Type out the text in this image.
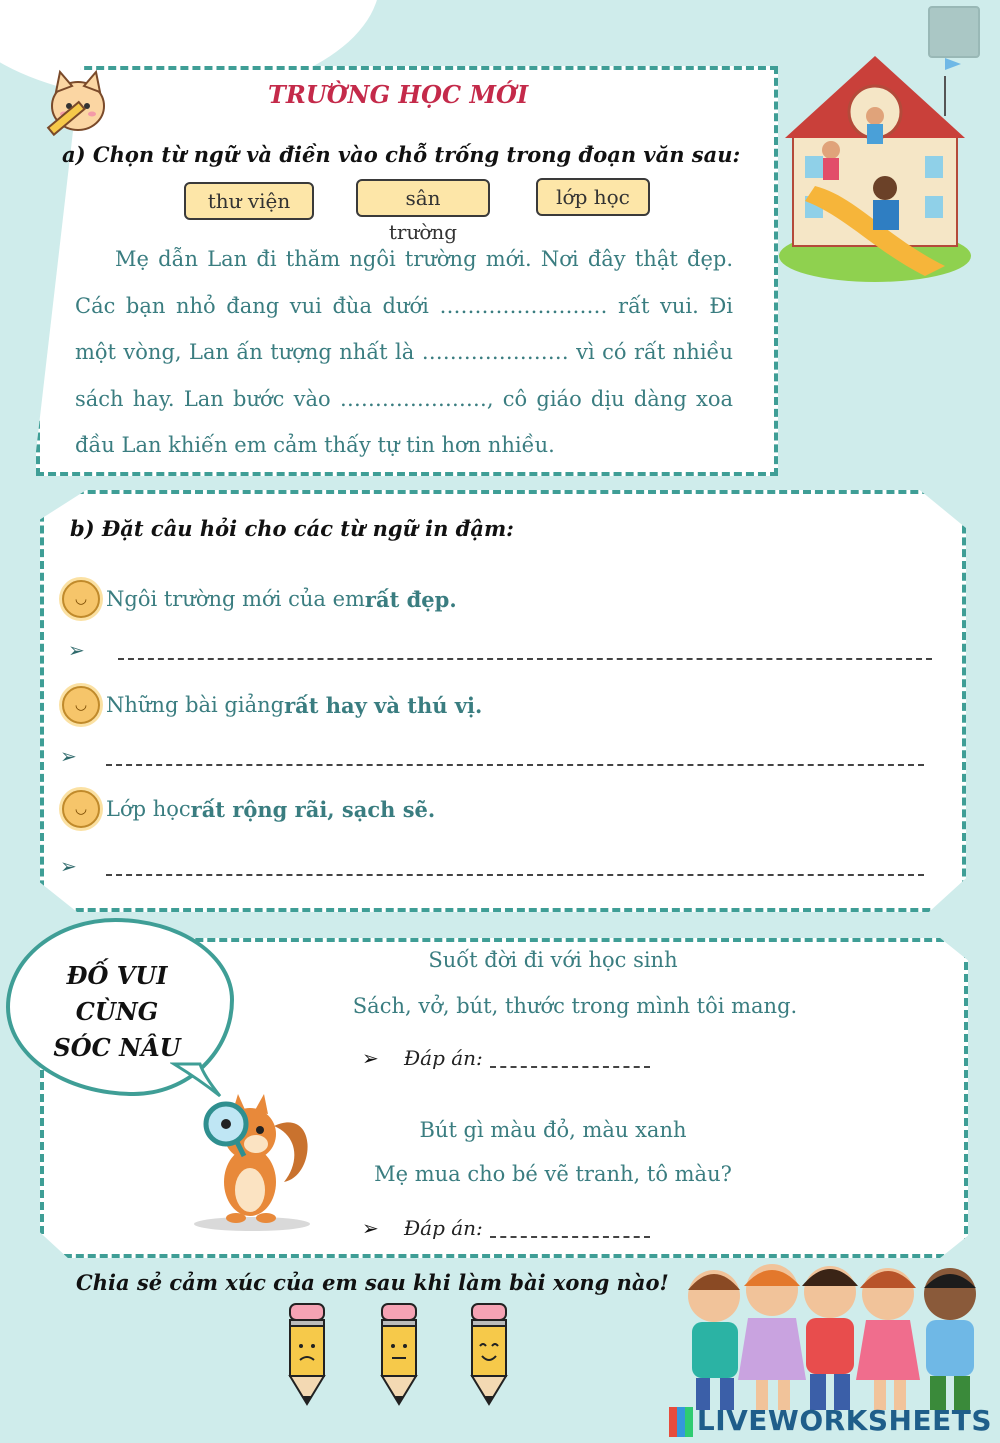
TRƯỜNG HỌC MỚI
a) Chọn từ ngữ và điền vào chỗ trống trong đoạn văn sau:
thư viện	sân trường
lớp học

Mẹ dẫn Lan đi thăm ngôi trường mới. Nơi đây thật đẹp. Các bạn nhỏ đang vui đùa dưới …………………… rất vui. Đi một vòng, Lan ấn tượng nhất là ………………… vì có rất nhiều sách hay. Lan bước vào …………………, cô giáo dịu dàng xoa đầu Lan khiến em cảm thấy tự tin hơn nhiều.

b) Đặt câu hỏi cho các từ ngữ in đậm:
◡ Ngôi trường mới của em rất đẹp.
➢
◡ Những bài giảng rất hay và thú vị.
➢
◡ Lớp học rất rộng rãi, sạch sẽ.
➢
ĐỐ VUI CÙNG
SÓC NÂU
Suốt đời đi với học sinh
Sách, vở, bút, thước trong mình tôi mang.
➢ Đáp án:
Bút gì màu đỏ, màu xanh
Mẹ mua cho bé vẽ tranh, tô màu?
➢ Đáp án:
Chia sẻ cảm xúc của em sau khi làm bài xong nào!
LIVEWORKSHEETS
